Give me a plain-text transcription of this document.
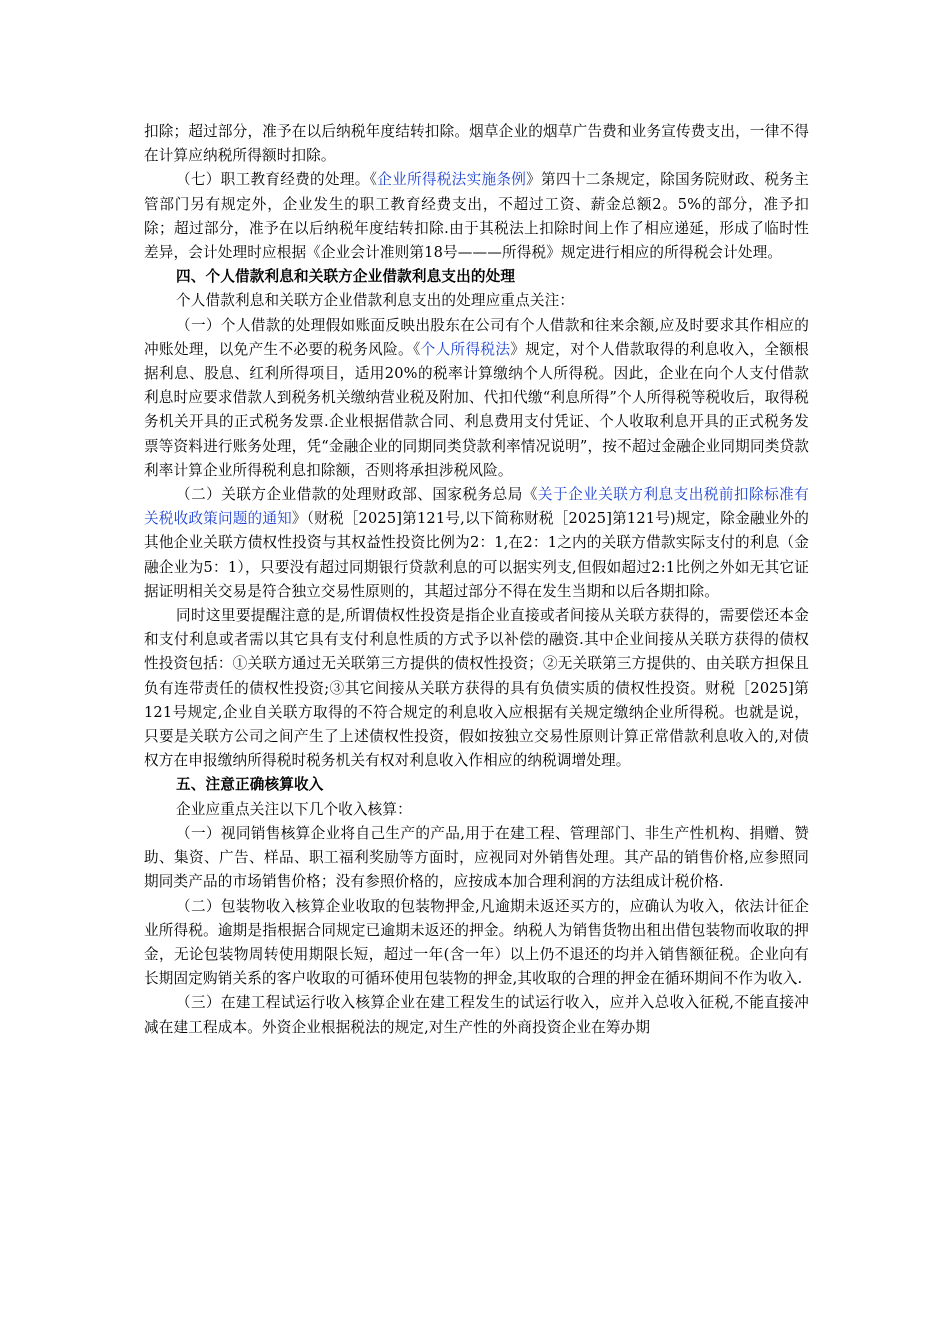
扣除；超过部分，准予在以后纳税年度结转扣除。烟草企业的烟草广告费和业务宣传费支出，一律不得在计算应纳税所得额时扣除。

（七）职工教育经费的处理。《企业所得税法实施条例》第四十二条规定，除国务院财政、税务主管部门另有规定外，企业发生的职工教育经费支出，不超过工资、薪金总额2。5%的部分，准予扣除；超过部分，准予在以后纳税年度结转扣除.由于其税法上扣除时间上作了相应递延，形成了临时性差异，会计处理时应根据《企业会计准则第18号———所得税》规定进行相应的所得税会计处理。

四、个人借款利息和关联方企业借款利息支出的处理

个人借款利息和关联方企业借款利息支出的处理应重点关注：

（一）个人借款的处理假如账面反映出股东在公司有个人借款和往来余额,应及时要求其作相应的冲账处理，以免产生不必要的税务风险。《个人所得税法》规定，对个人借款取得的利息收入，全额根据利息、股息、红利所得项目，适用20%的税率计算缴纳个人所得税。因此，企业在向个人支付借款利息时应要求借款人到税务机关缴纳营业税及附加、代扣代缴“利息所得”个人所得税等税收后，取得税务机关开具的正式税务发票.企业根据借款合同、利息费用支付凭证、个人收取利息开具的正式税务发票等资料进行账务处理，凭“金融企业的同期同类贷款利率情况说明”，按不超过金融企业同期同类贷款利率计算企业所得税利息扣除额，否则将承担涉税风险。

（二）关联方企业借款的处理财政部、国家税务总局《关于企业关联方利息支出税前扣除标准有关税收政策问题的通知》（财税［2025]第121号,以下简称财税［2025]第121号)规定，除金融业外的其他企业关联方债权性投资与其权益性投资比例为2：1,在2：1之内的关联方借款实际支付的利息（金融企业为5：1），只要没有超过同期银行贷款利息的可以据实列支,但假如超过2:1比例之外如无其它证据证明相关交易是符合独立交易性原则的，其超过部分不得在发生当期和以后各期扣除。

同时这里要提醒注意的是,所谓债权性投资是指企业直接或者间接从关联方获得的，需要偿还本金和支付利息或者需以其它具有支付利息性质的方式予以补偿的融资.其中企业间接从关联方获得的债权性投资包括：①关联方通过无关联第三方提供的债权性投资；②无关联第三方提供的、由关联方担保且负有连带责任的债权性投资;③其它间接从关联方获得的具有负债实质的债权性投资。财税［2025]第121号规定,企业自关联方取得的不符合规定的利息收入应根据有关规定缴纳企业所得税。也就是说，只要是关联方公司之间产生了上述债权性投资，假如按独立交易性原则计算正常借款利息收入的,对债权方在申报缴纳所得税时税务机关有权对利息收入作相应的纳税调增处理。

五、注意正确核算收入

企业应重点关注以下几个收入核算：

（一）视同销售核算企业将自己生产的产品,用于在建工程、管理部门、非生产性机构、捐赠、赞助、集资、广告、样品、职工福利奖励等方面时，应视同对外销售处理。其产品的销售价格,应参照同期同类产品的市场销售价格；没有参照价格的，应按成本加合理利润的方法组成计税价格.

（二）包装物收入核算企业收取的包装物押金,凡逾期未返还买方的，应确认为收入，依法计征企业所得税。逾期是指根据合同规定已逾期未返还的押金。纳税人为销售货物出租出借包装物而收取的押金，无论包装物周转使用期限长短，超过一年(含一年）以上仍不退还的均并入销售额征税。企业向有长期固定购销关系的客户收取的可循环使用包装物的押金,其收取的合理的押金在循环期间不作为收入.

（三）在建工程试运行收入核算企业在建工程发生的试运行收入，应并入总收入征税,不能直接冲减在建工程成本。外资企业根据税法的规定,对生产性的外商投资企业在筹办期
